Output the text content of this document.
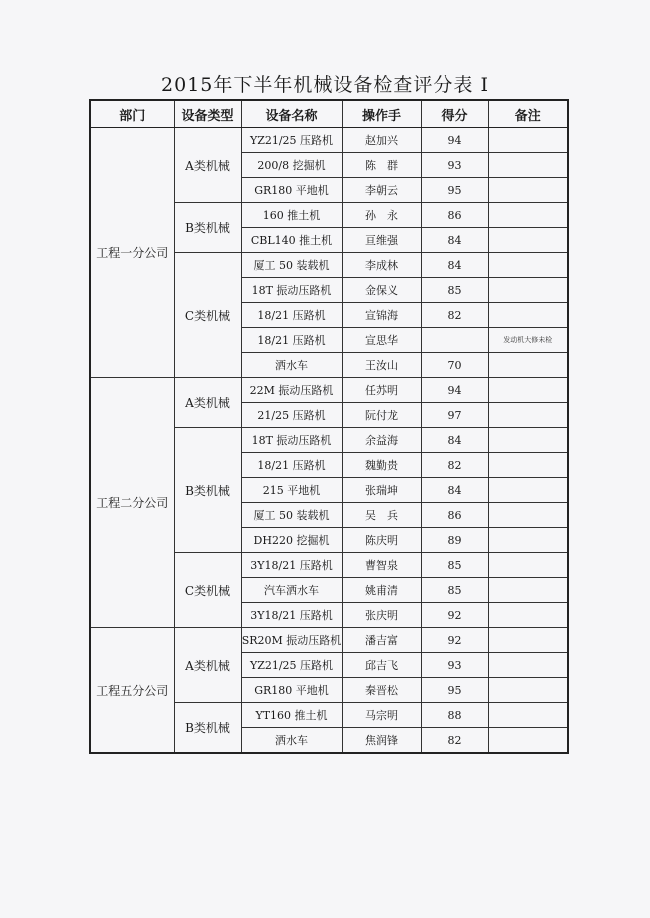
2015年下半年机械设备检查评分表 I
部门	设备类型	设备名称	操作手	得分	备注
工程一分公司	A类机械	YZ21/25 压路机	赵加兴	94	
		200/8 挖掘机	陈　群	93	
		GR180 平地机	李朝云	95	
	B类机械	160 推土机	孙　永	86	
		CBL140 推土机	亘维强	84	
	C类机械	厦工 50 装载机	李成林	84	
		18T 振动压路机	金保义	85	
		18/21 压路机	宣锦海	82	
		18/21 压路机	宣思华		发动机大修未检
		洒水车	王汝山	70	
工程二分公司	A类机械	22M 振动压路机	任苏明	94	
		21/25 压路机	阮付龙	97	
	B类机械	18T 振动压路机	余益海	84	
		18/21 压路机	魏勤贵	82	
		215 平地机	张瑞坤	84	
		厦工 50 装载机	吴　兵	86	
		DH220 挖掘机	陈庆明	89	
	C类机械	3Y18/21 压路机	曹智泉	85	
		汽车洒水车	姚甫清	85	
		3Y18/21 压路机	张庆明	92	
工程五分公司	A类机械	SR20M 振动压路机	潘吉富	92	
		YZ21/25 压路机	邱吉飞	93	
		GR180 平地机	秦晋松	95	
	B类机械	YT160 推土机	马宗明	88	
		洒水车	焦润锋	82	
